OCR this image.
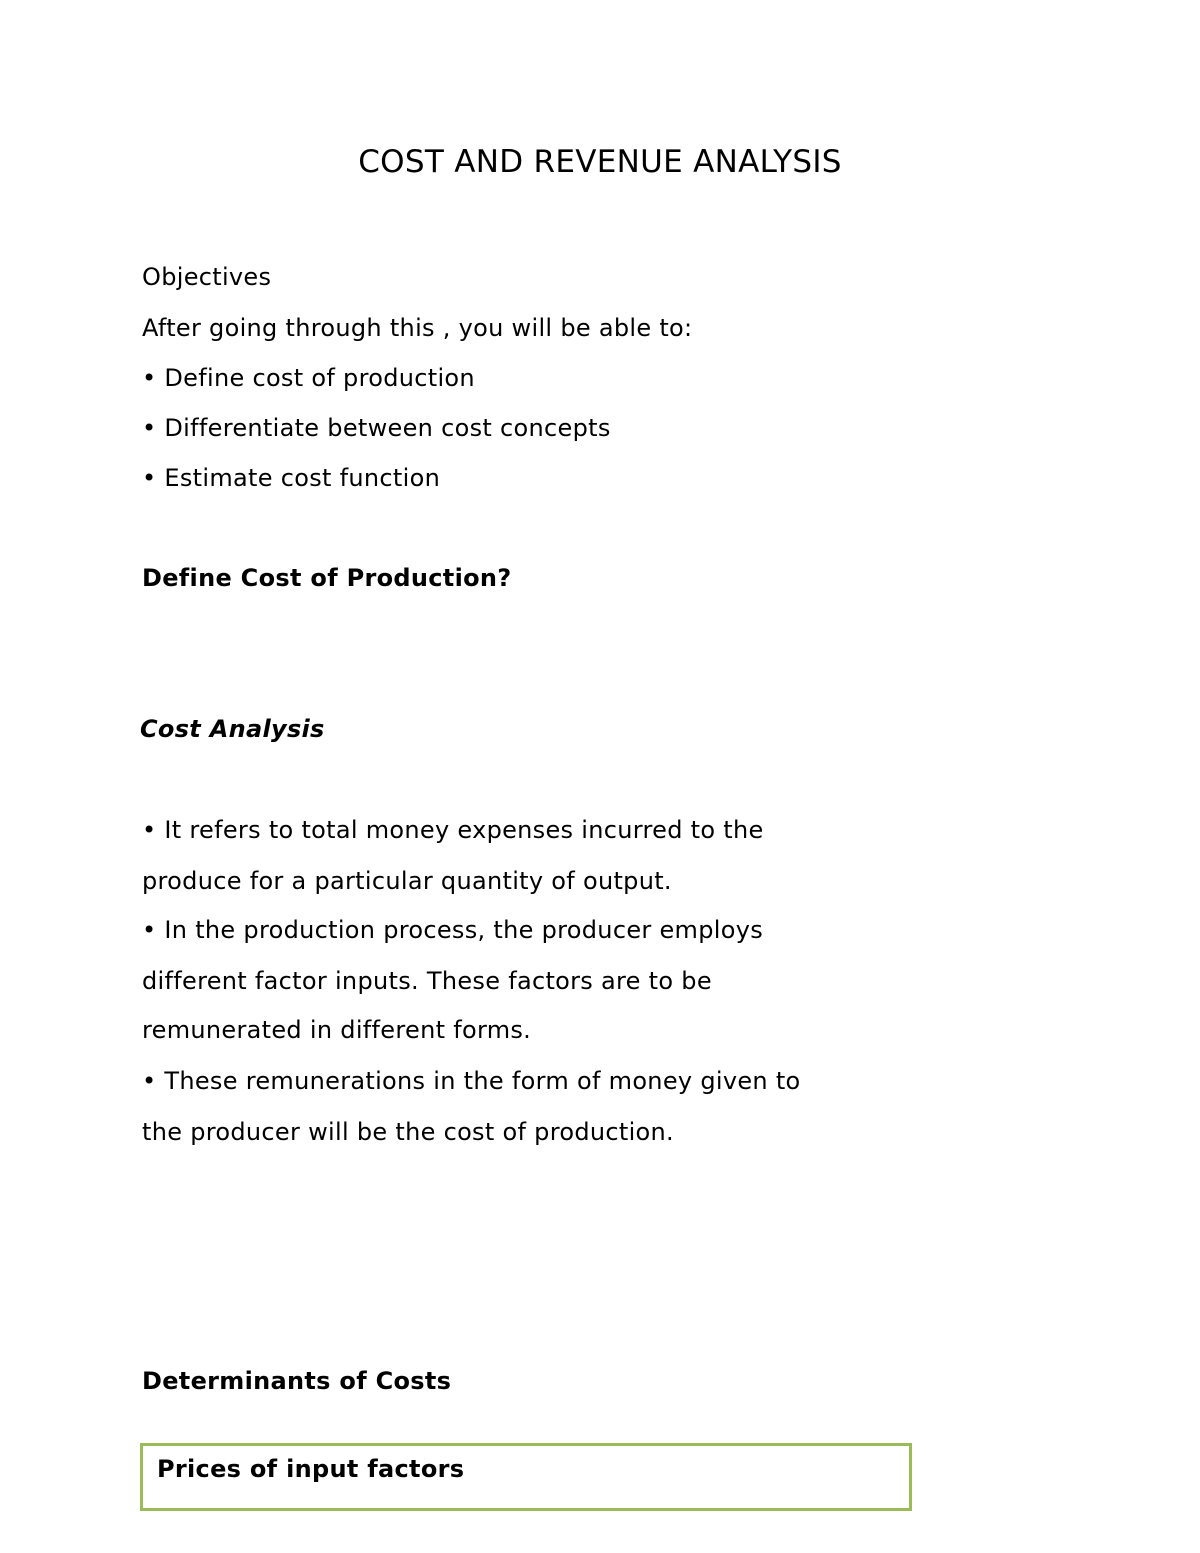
COST AND REVENUE ANALYSIS
Objectives
After going through this , you will be able to:
• Define cost of production
• Differentiate between cost concepts
• Estimate cost function
Define Cost of Production?
Cost Analysis
• It refers to total money expenses incurred to the
produce for a particular quantity of output.
• In the production process, the producer employs
different factor inputs. These factors are to be
remunerated in different forms.
• These remunerations in the form of money given to
the producer will be the cost of production.
Determinants of Costs
Prices of input factors
